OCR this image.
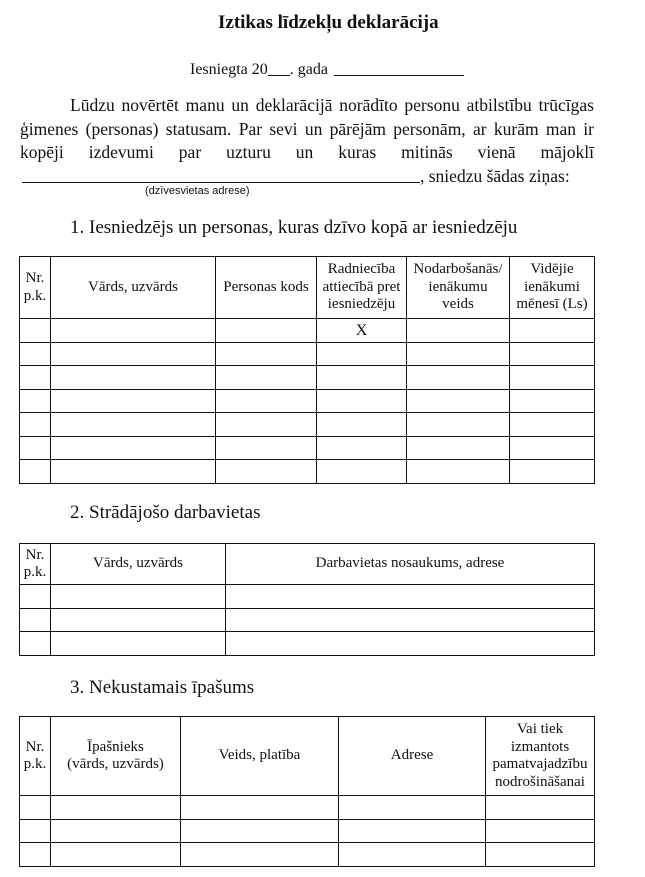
Iztikas līdzekļu deklarācija
Iesniegta 20 . gada
Lūdzu novērtēt manu un deklarācijā norādīto personu atbilstību trūcīgas
ģimenes (personas) statusam. Par sevi un pārējām personām, ar kurām man ir
kopēji izdevumi par uzturu un kuras mitinās vienā mājoklī
, sniedzu šādas ziņas:
(dzīvesvietas adrese)
1. Iesniedzējs un personas, kuras dzīvo kopā ar iesniedzēju
Nr.
p.k.	Vārds, uzvārds	Personas kods	Radniecība
attiecībā pret
iesniedzēju	Nodarbošanās/
ienākumu
veids	Vidējie
ienākumi
mēnesī (Ls)
			X		

2. Strādājošo darbavietas
Nr.
p.k.	Vārds, uzvārds	Darbavietas nosaukums, adrese

3. Nekustamais īpašums
Nr.
p.k.	Īpašnieks
(vārds, uzvārds)	Veids, platība	Adrese	Vai tiek
izmantots
pamatvajadzību
nodrošināšanai
